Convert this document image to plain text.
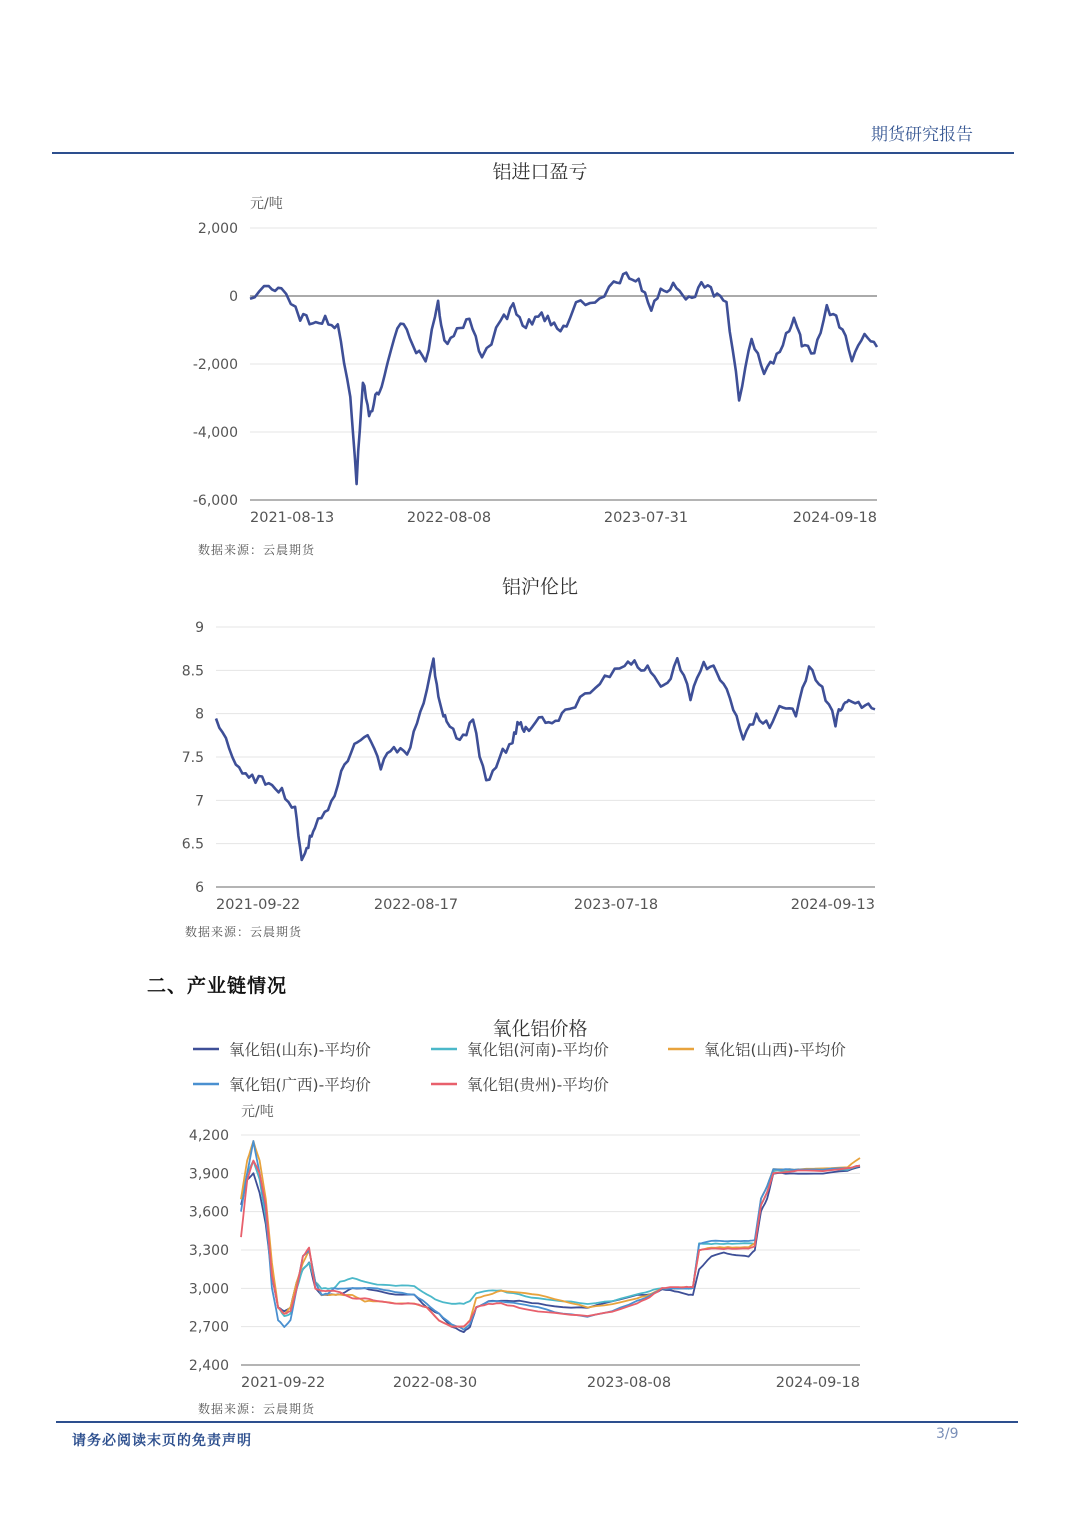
期货研究报告
铝进口盈亏
2,000
0
-2,000
-4,000
-6,000
2021-08-13	2022-08-08	2023-07-31	2024-09-18
元/吨
数据来源：云晨期货
铝沪伦比
9
8.5
8
7.5
7
6.5
6
2021-09-22	2022-08-17	2023-07-18	2024-09-13
数据来源：云晨期货
二、产业链情况
氧化铝价格
4,200
3,900
3,600
3,300
3,000
2,700
2,400
2021-09-22	2022-08-30	2023-08-08	2024-09-18
元/吨
氧化铝(山东)-平均价	氧化铝(河南)-平均价	氧化铝(山西)-平均价
氧化铝(广西)-平均价	氧化铝(贵州)-平均价
数据来源：云晨期货
请务必阅读末页的免责声明	3/9
